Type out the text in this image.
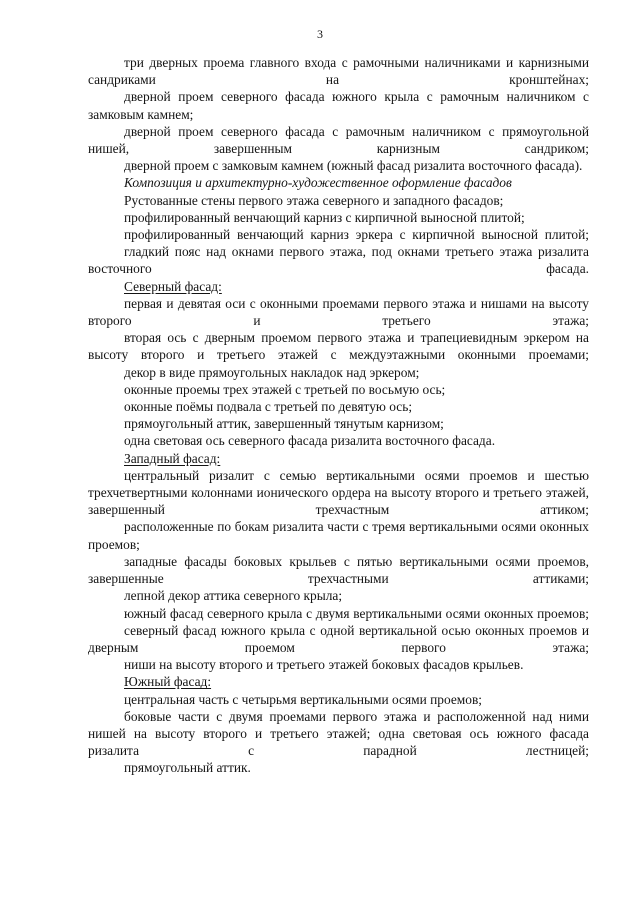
3
три дверных проема главного входа с рамочными наличниками и карнизными сандриками на кронштейнах;
дверной проем северного фасада южного крыла с рамочным наличником с замковым камнем;
дверной проем северного фасада с рамочным наличником с прямоугольной нишей, завершенным карнизным сандриком;
дверной проем с замковым камнем (южный фасад ризалита восточного фасада).
Композиция и архитектурно-художественное оформление фасадов
Рустованные стены первого этажа северного и западного фасадов;
профилированный венчающий карниз с кирпичной выносной плитой;
профилированный венчающий карниз эркера с кирпичной выносной плитой;
гладкий пояс над окнами первого этажа, под окнами третьего этажа ризалита восточного фасада.
Северный фасад:
первая и девятая оси с оконными проемами первого этажа и нишами на высоту второго и третьего этажа;
вторая ось с дверным проемом первого этажа и трапециевидным эркером на высоту второго и третьего этажей с междуэтажными оконными проемами;
декор в виде прямоугольных накладок над эркером;
оконные проемы трех этажей с третьей по восьмую ось;
оконные поёмы подвала с третьей по девятую ось;
прямоугольный аттик, завершенный тянутым карнизом;
одна световая ось северного фасада ризалита восточного фасада.
Западный фасад:
центральный ризалит с семью вертикальными осями проемов и шестью трехчетвертными колоннами ионического ордера на высоту второго и третьего этажей, завершенный трехчастным аттиком;
расположенные по бокам ризалита части с тремя вертикальными осями оконных проемов;
западные фасады боковых крыльев с пятью вертикальными осями проемов, завершенные трехчастными аттиками;
лепной декор аттика северного крыла;
южный фасад северного крыла с двумя вертикальными осями оконных проемов;
северный фасад южного крыла с одной вертикальной осью оконных проемов и дверным проемом первого этажа;
ниши на высоту второго и третьего этажей боковых фасадов крыльев.
Южный фасад:
центральная часть с четырьмя вертикальными осями проемов;
боковые части с двумя проемами первого этажа и расположенной над ними нишей на высоту второго и третьего этажей; одна световая ось южного фасада ризалита с парадной лестницей;
прямоугольный аттик.
